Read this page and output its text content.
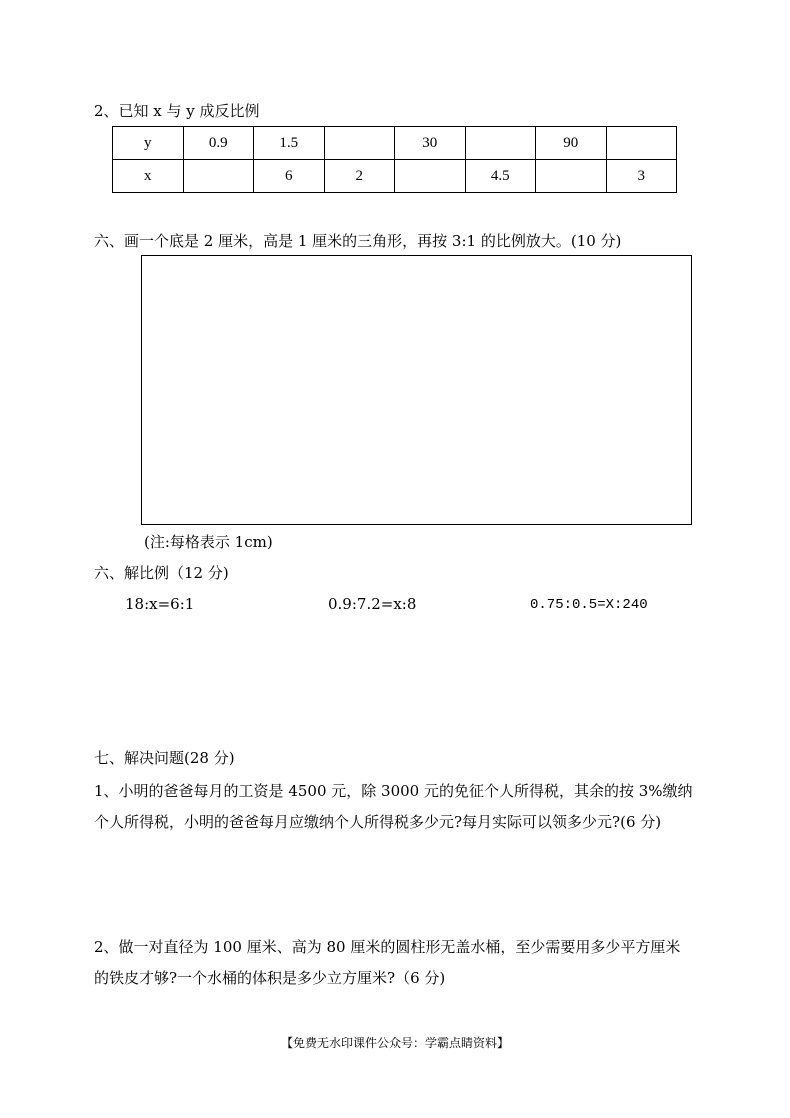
2、已知 x 与 y 成反比例
y	0.9	1.5		30		90	
x		6	2		4.5		3
六、画一个底是 2 厘米，高是 1 厘米的三角形，再按 3:1 的比例放大。(10 分)
(注:每格表示 1cm)
六、解比例（12 分)
18:x=6:1	0.9:7.2=x:8	0.75:0.5=X:240
七、解决问题(28 分)
1、小明的爸爸每月的工资是 4500 元，除 3000 元的免征个人所得税，其余的按 3%缴纳
个人所得税，小明的爸爸每月应缴纳个人所得税多少元?每月实际可以领多少元?(6 分)
2、做一对直径为 100 厘米、高为 80 厘米的圆柱形无盖水桶，至少需要用多少平方厘米
的铁皮才够?一个水桶的体积是多少立方厘米?（6 分)
【免费无水印课件公众号：学霸点睛资料】
